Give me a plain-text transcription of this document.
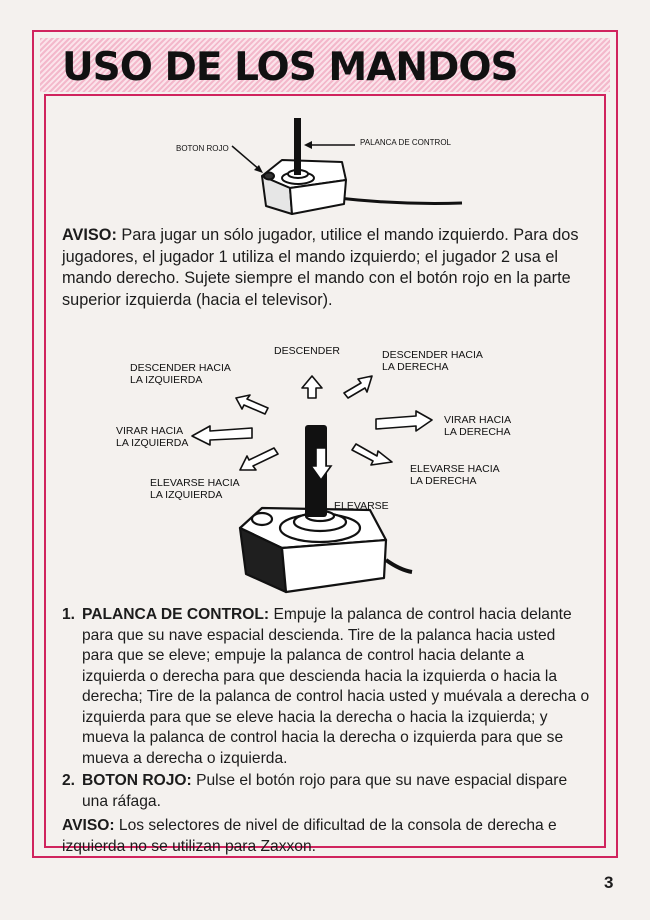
USO DE LOS MANDOS
BOTON ROJO
PALANCA DE CONTROL

AVISO: Para jugar un sólo jugador, utilice el mando izquierdo. Para dos jugadores, el jugador 1 utiliza el mando izquierdo; el jugador 2 usa el mando derecho. Sujete siempre el mando con el botón rojo en la parte superior izquierda (hacia el televisor).

DESCENDER
DESCENDER HACIA LA IZQUIERDA
DESCENDER HACIA LA DERECHA
VIRAR HACIA LA IZQUIERDA
VIRAR HACIA LA DERECHA
ELEVARSE HACIA LA IZQUIERDA
ELEVARSE HACIA LA DERECHA
ELEVARSE
1. PALANCA DE CONTROL: Empuje la palanca de control hacia delante para que su nave espacial descienda. Tire de la palanca hacia usted para que se eleve; empuje la palanca de control hacia delante a izquierda o derecha para que descienda hacia la izquierda o hacia la derecha; Tire de la palanca de control hacia usted y muévala a derecha o izquierda para que se eleve hacia la derecha o hacia la izquierda; y mueva la palanca de control hacia la derecha o izquierda para que se mueva a derecha o izquierda.

2. BOTON ROJO: Pulse el botón rojo para que su nave espacial dispare una ráfaga.

AVISO: Los selectores de nivel de dificultad de la consola de derecha e izquierda no se utilizan para Zaxxon.

3
